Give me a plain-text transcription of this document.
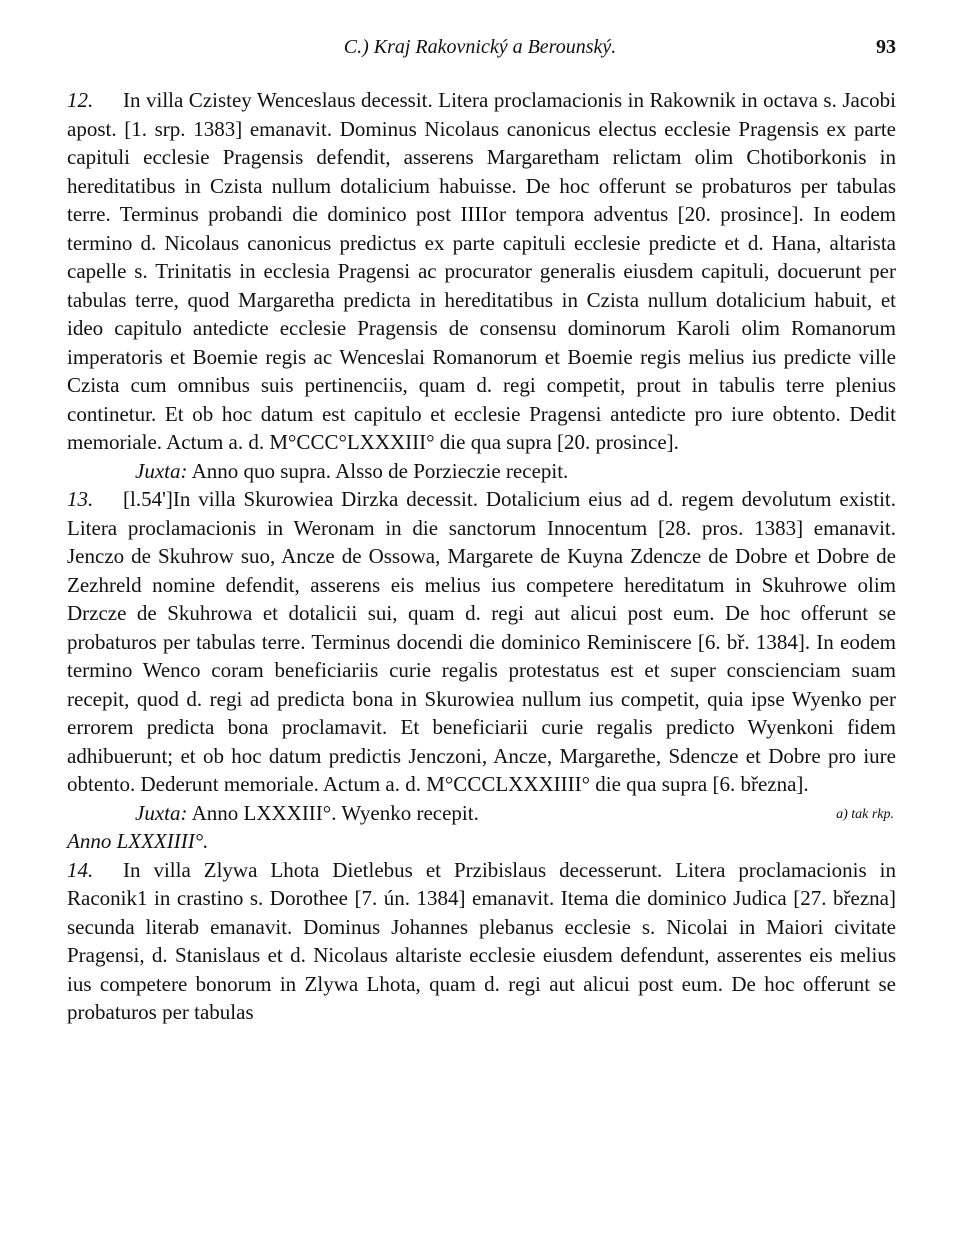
C.) Kraj Rakovnický a Berounský.	93

12. In villa Czistey Wenceslaus decessit. Litera proclamacionis in Rakownik in octava s. Jacobi apost. [1. srp. 1383] emanavit. Dominus Nicolaus canonicus electus ecclesie Pragensis ex parte capituli ecclesie Pragensis defendit, asserens Margaretham relictam olim Chotiborkonis in hereditatibus in Czista nullum dotalicium habuisse. De hoc offerunt se probaturos per tabulas terre. Terminus probandi die dominico post IIIIor tempora adventus [20. prosince]. In eodem termino d. Nicolaus canonicus predictus ex parte capituli ecclesie predicte et d. Hana, altarista capelle s. Trinitatis in ecclesia Pragensi ac procurator generalis eiusdem capituli, docuerunt per tabulas terre, quod Margaretha predicta in hereditatibus in Czista nullum dotalicium habuit, et ideo capitulo antedicte ecclesie Pragensis de consensu dominorum Karoli olim Romanorum imperatoris et Boemie regis ac Wenceslai Romanorum et Boemie regis melius ius predicte ville Czista cum omnibus suis pertinenciis, quam d. regi competit, prout in tabulis terre plenius continetur. Et ob hoc datum est capitulo et ecclesie Pragensi antedicte pro iure obtento. Dedit memoriale. Actum a. d. M°CCC°LXXXIII° die qua supra [20. prosince].

Juxta: Anno quo supra. Alsso de Porzieczie recepit.

13. [l.54']In villa Skurowiea Dirzka decessit. Dotalicium eius ad d. regem devolutum existit. Litera proclamacionis in Weronam in die sanctorum Innocentum [28. pros. 1383] emanavit. Jenczo de Skuhrow suo, Ancze de Ossowa, Margarete de Kuyna Zdencze de Dobre et Dobre de Zezhreld nomine defendit, asserens eis melius ius competere hereditatum in Skuhrowe olim Drzcze de Skuhrowa et dotalicii sui, quam d. regi aut alicui post eum. De hoc offerunt se probaturos per tabulas terre. Terminus docendi die dominico Reminiscere [6. bř. 1384]. In eodem termino Wenco coram beneficiariis curie regalis protestatus est et super conscienciam suam recepit, quod d. regi ad predicta bona in Skurowiea nullum ius competit, quia ipse Wyenko per errorem predicta bona proclamavit. Et beneficiarii curie regalis predicto Wyenkoni fidem adhibuerunt; et ob hoc datum predictis Jenczoni, Ancze, Margarethe, Sdencze et Dobre pro iure obtento. Dederunt memoriale. Actum a. d. M°CCCLXXXIIII° die qua supra [6. března].

Juxta: Anno LXXXIII°. Wyenko recepit.	a) tak rkp.

Anno LXXXIIII°.

14. In villa Zlywa Lhota Dietlebus et Przibislaus decesserunt. Litera proclamacionis in Raconik1 in crastino s. Dorothee [7. ún. 1384] emanavit. Itema die dominico Judica [27. března] secunda literab emanavit. Dominus Johannes plebanus ecclesie s. Nicolai in Maiori civitate Pragensi, d. Stanislaus et d. Nicolaus altariste ecclesie eiusdem defendunt, asserentes eis melius ius competere bonorum in Zlywa Lhota, quam d. regi aut alicui post eum. De hoc offerunt se probaturos per tabulas
